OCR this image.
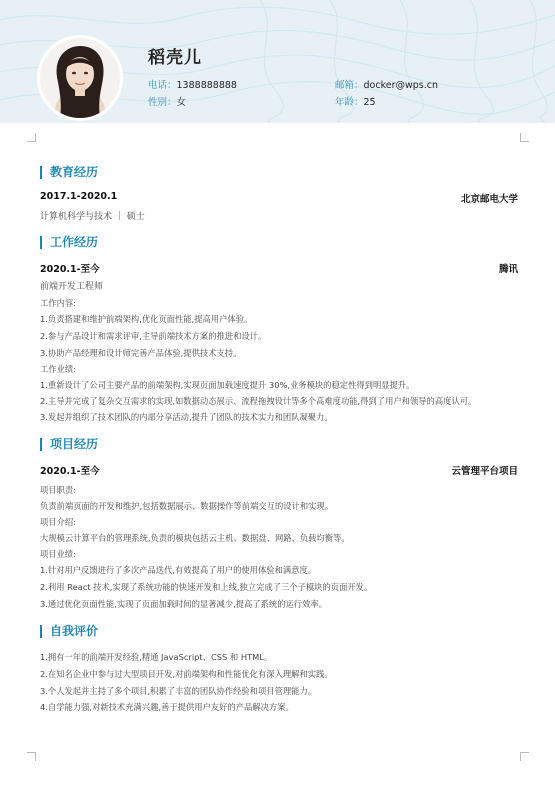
稻壳儿
电话：1388888888
性别：女
邮箱：docker@wps.cn
年龄：25
教育经历
2017.1-2020.1	北京邮电大学
计算机科学与技术 ｜ 硕士
工作经历
2020.1-至今	腾讯
前端开发工程师
工作内容:
1.负责搭建和维护前端架构,优化页面性能,提高用户体验。
2.参与产品设计和需求评审,主导前端技术方案的推进和设计。
3.协助产品经理和设计师完善产品体验,提供技术支持。
工作业绩:
1.重新设计了公司主要产品的前端架构,实现页面加载速度提升 30%,业务模块的稳定性得到明显提升。
2.主导并完成了复杂交互需求的实现,如数据动态展示、流程拖拽设计等多个高难度功能,得到了用户和领导的高度认可。
3.发起并组织了技术团队的内部分享活动,提升了团队的技术实力和团队凝聚力。
项目经历
2020.1-至今	云管理平台项目
项目职责:
负责前端页面的开发和维护,包括数据展示、数据操作等前端交互的设计和实现。
项目介绍:
大规模云计算平台的管理系统,负责的模块包括云主机、数据盘、网路、负载均衡等。
项目业绩:
1.针对用户反馈进行了多次产品迭代,有效提高了用户的使用体验和满意度。
2.利用 React 技术,实现了系统功能的快速开发和上线,独立完成了三个子模块的页面开发。
3.通过优化页面性能,实现了页面加载时间的显著减少,提高了系统的运行效率。
自我评价
1.拥有一年的前端开发经验,精通 JavaScript、CSS 和 HTML。
2.在知名企业中参与过大型项目开发,对前端架构和性能优化有深入理解和实践。
3.个人发起并主持了多个项目,积累了丰富的团队协作经验和项目管理能力。
4.自学能力强,对新技术充满兴趣,善于提供用户友好的产品解决方案。
